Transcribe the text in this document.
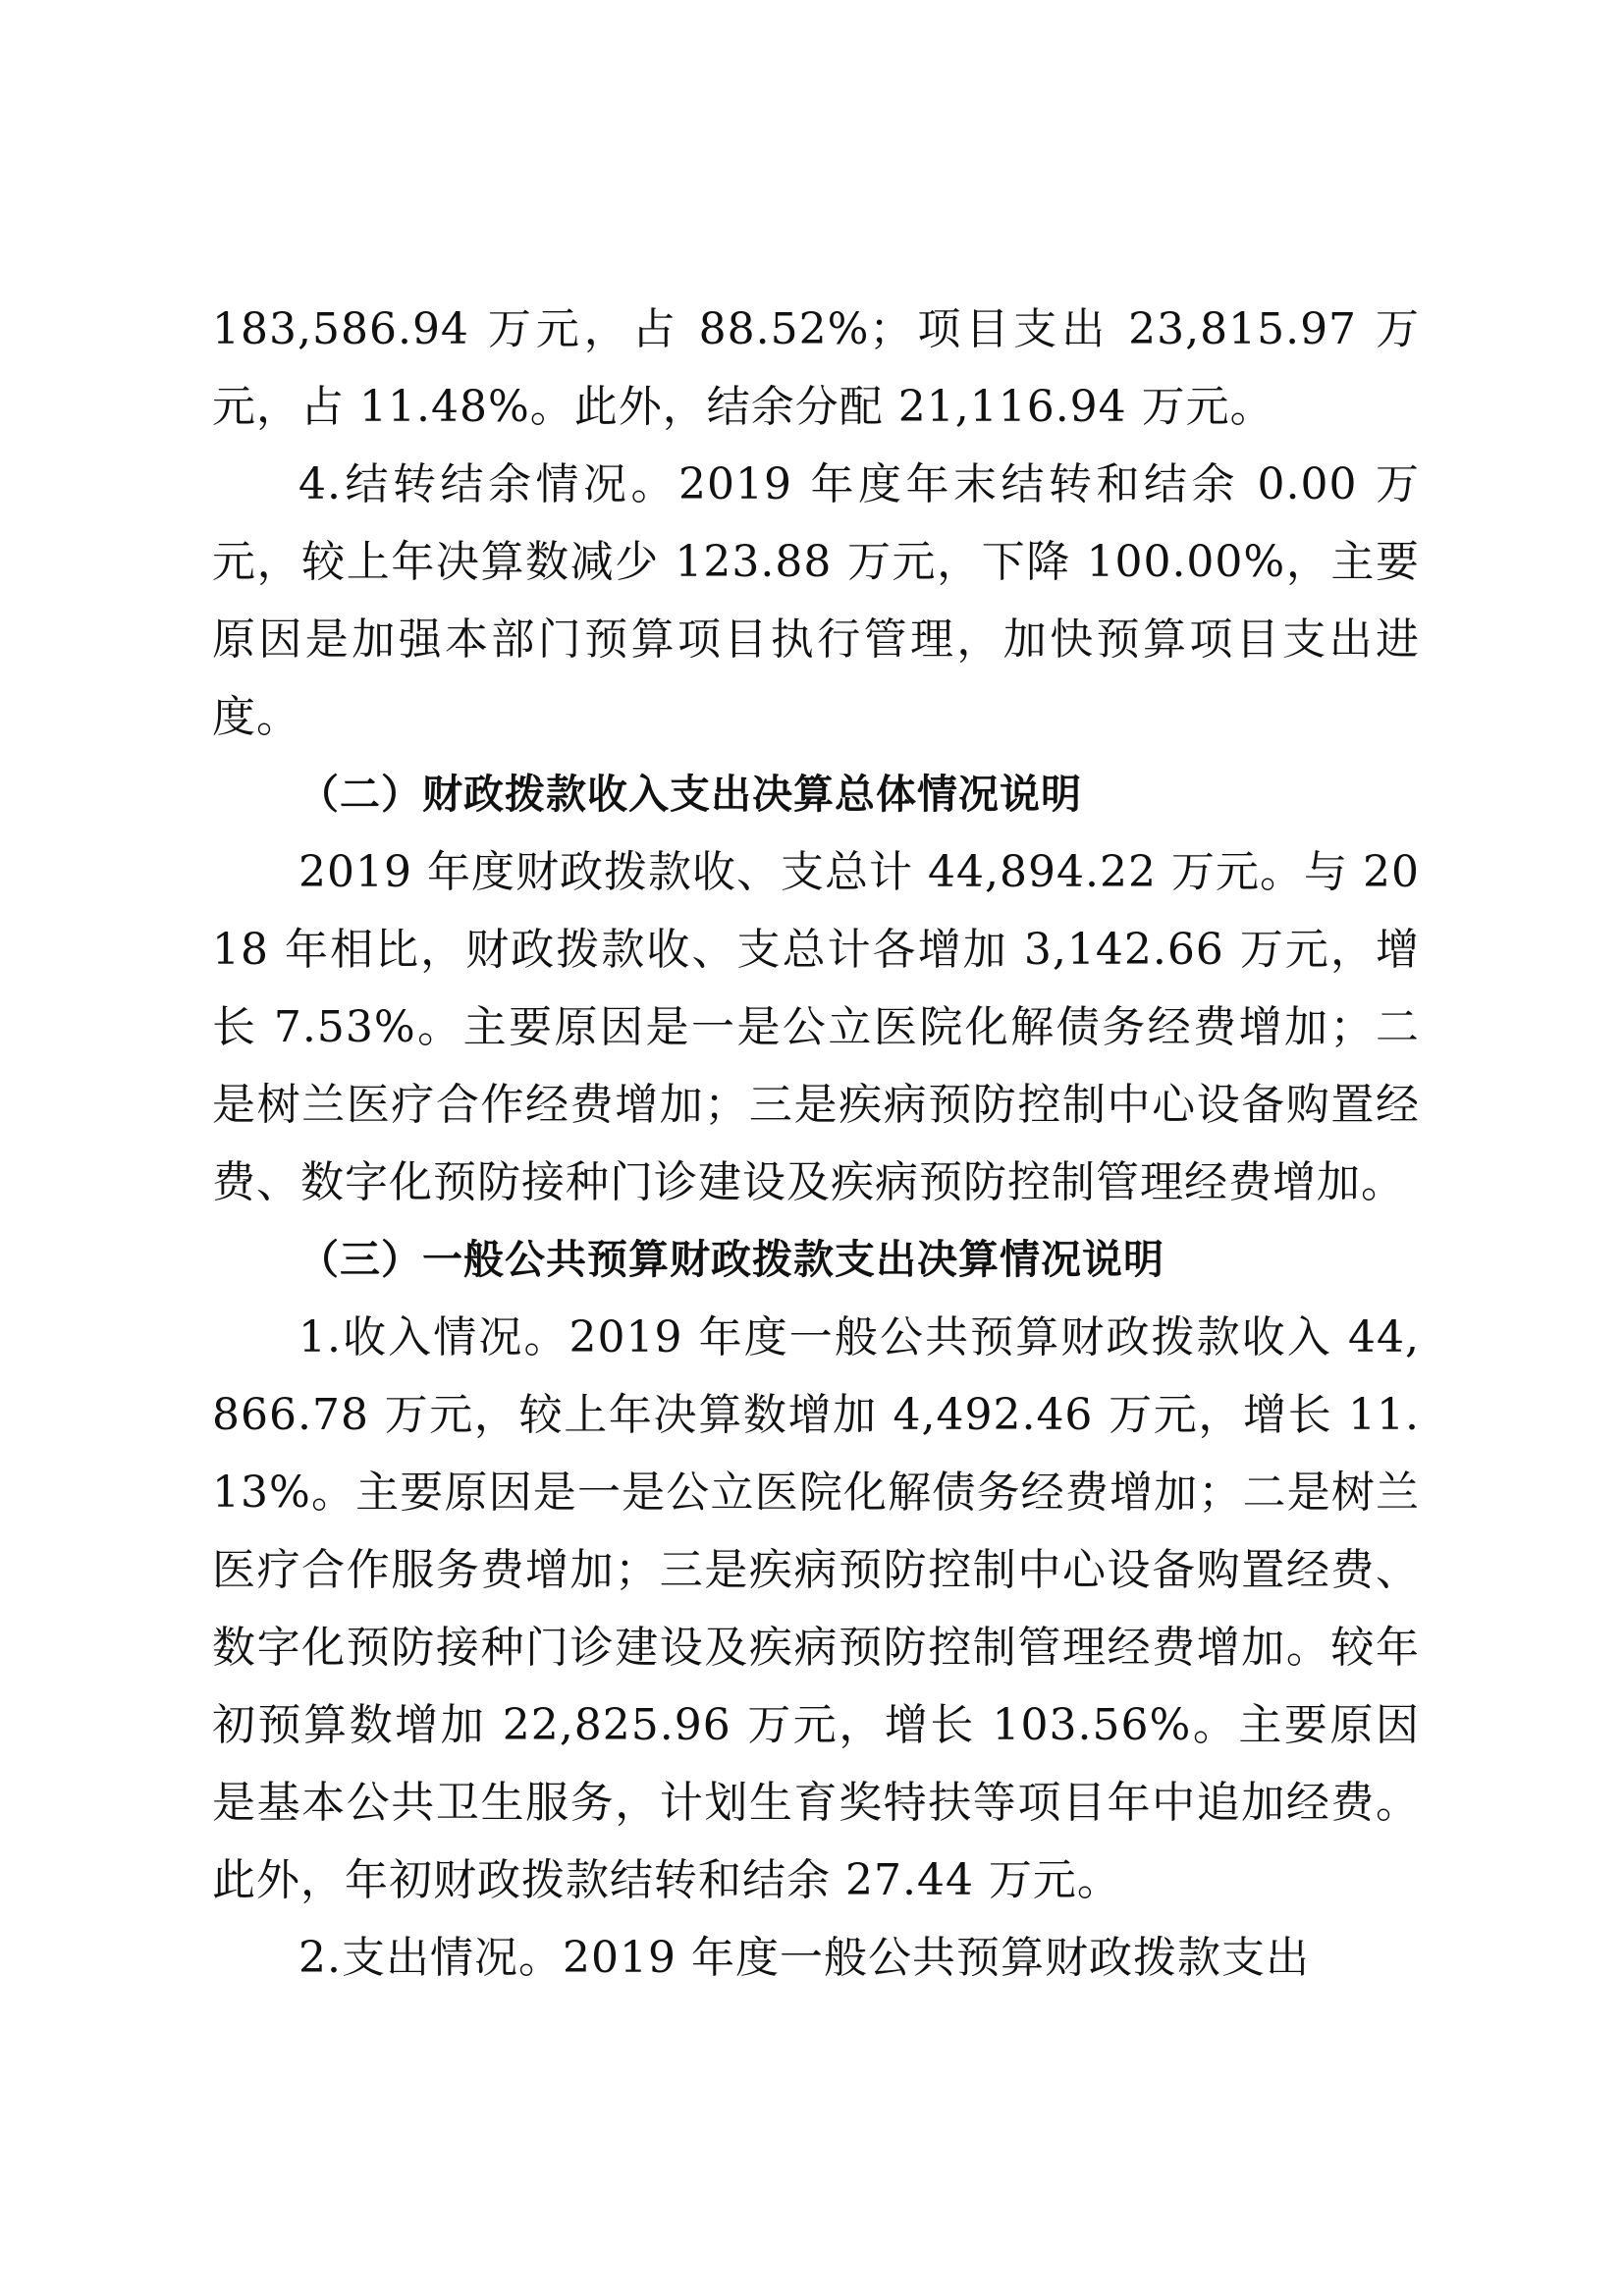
183,586.94 万元，占 88.52%；项目支出 23,815.97 万元，占 11.48%。此外，结余分配 21,116.94 万元。

4.结转结余情况。2019 年度年末结转和结余 0.00 万元，较上年决算数减少 123.88 万元，下降 100.00%，主要原因是加强本部门预算项目执行管理，加快预算项目支出进度。

（二）财政拨款收入支出决算总体情况说明

2019 年度财政拨款收、支总计 44,894.22 万元。与 2018 年相比，财政拨款收、支总计各增加 3,142.66 万元，增长 7.53%。主要原因是一是公立医院化解债务经费增加；二是树兰医疗合作经费增加；三是疾病预防控制中心设备购置经费、数字化预防接种门诊建设及疾病预防控制管理经费增加。

（三）一般公共预算财政拨款支出决算情况说明

1.收入情况。2019 年度一般公共预算财政拨款收入 44,866.78 万元，较上年决算数增加 4,492.46 万元，增长 11.13%。主要原因是一是公立医院化解债务经费增加；二是树兰医疗合作服务费增加；三是疾病预防控制中心设备购置经费、数字化预防接种门诊建设及疾病预防控制管理经费增加。较年初预算数增加 22,825.96 万元，增长 103.56%。主要原因是基本公共卫生服务，计划生育奖特扶等项目年中追加经费。此外，年初财政拨款结转和结余 27.44 万元。

2.支出情况。2019 年度一般公共预算财政拨款支出
